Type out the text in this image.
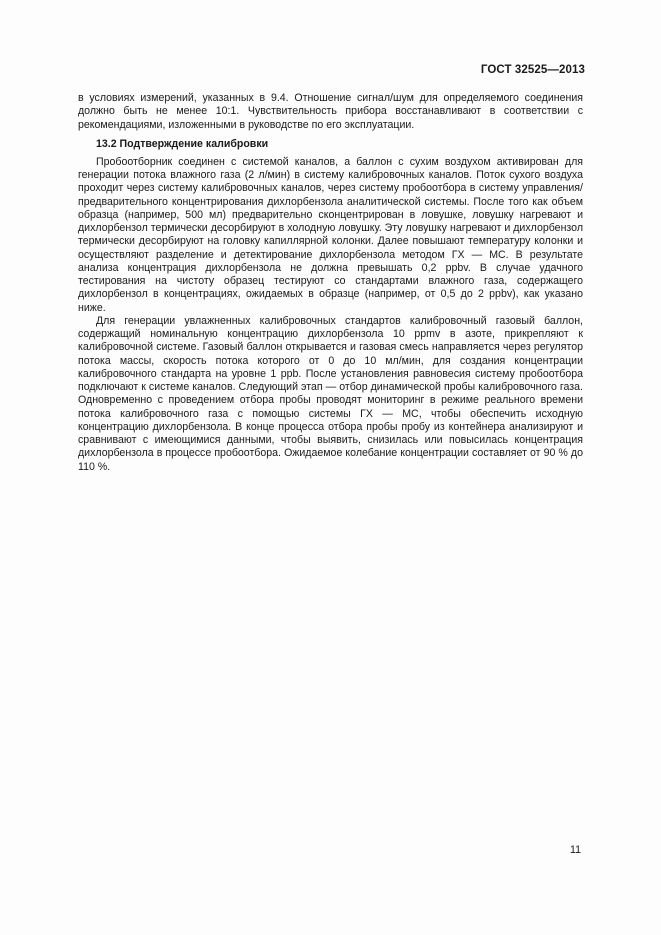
ГОСТ 32525—2013

в условиях измерений, указанных в 9.4. Отношение сигнал/шум для определяемого соединения должно быть не менее 10:1. Чувствительность прибора восстанавливают в соответствии с рекомендациями, изложенными в руководстве по его эксплуатации.

13.2 Подтверждение калибровки

Пробоотборник соединен с системой каналов, а баллон с сухим воздухом активирован для генерации потока влажного газа (2 л/мин) в систему калибровочных каналов. Поток сухого воздуха проходит через систему калибровочных каналов, через систему пробоотбора в систему управления/предварительного концентрирования дихлорбензола аналитической системы. После того как объем образца (например, 500 мл) предварительно сконцентрирован в ловушке, ловушку нагревают и дихлорбензол термически десорбируют в холодную ловушку. Эту ловушку нагревают и дихлорбензол термически десорбируют на головку капиллярной колонки. Далее повышают температуру колонки и осуществляют разделение и детектирование дихлорбензола методом ГХ — МС. В результате анализа концентрация дихлорбензола не должна превышать 0,2 ppbv. В случае удачного тестирования на чистоту образец тестируют со стандартами влажного газа, содержащего дихлорбензол в концентрациях, ожидаемых в образце (например, от 0,5 до 2 ppbv), как указано ниже.

Для генерации увлажненных калибровочных стандартов калибровочный газовый баллон, содержащий номинальную концентрацию дихлорбензола 10 ppmv в азоте, прикрепляют к калибровочной системе. Газовый баллон открывается и газовая смесь направляется через регулятор потока массы, скорость потока которого от 0 до 10 мл/мин, для создания концентрации калибровочного стандарта на уровне 1 ppb. После установления равновесия систему пробоотбора подключают к системе каналов. Следующий этап — отбор динамической пробы калибровочного газа. Одновременно с проведением отбора пробы проводят мониторинг в режиме реального времени потока калибровочного газа с помощью системы ГХ — МС, чтобы обеспечить исходную концентрацию дихлорбензола. В конце процесса отбора пробы пробу из контейнера анализируют и сравнивают с имеющимися данными, чтобы выявить, снизилась или повысилась концентрация дихлорбензола в процессе пробоотбора. Ожидаемое колебание концентрации составляет от 90 % до 110 %.

11
